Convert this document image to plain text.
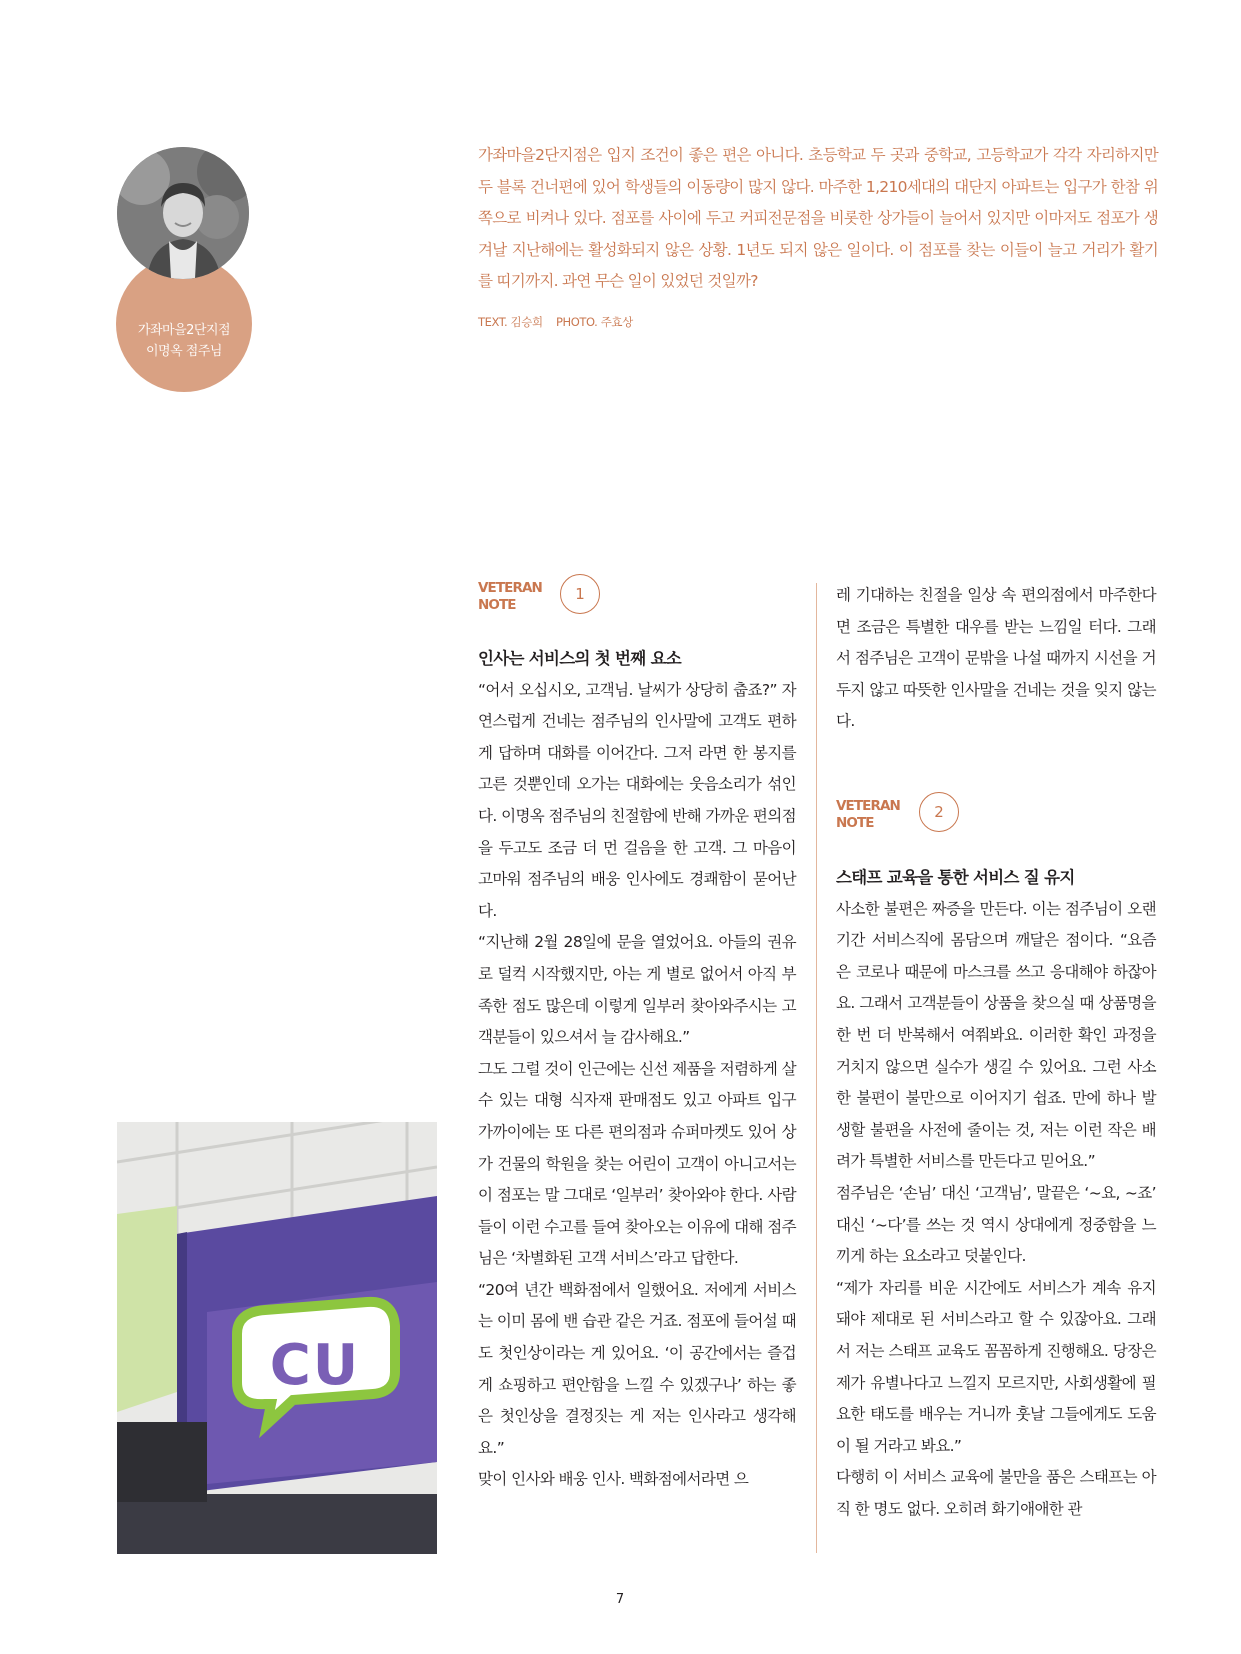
가좌마을2단지점
이명옥 점주님

가좌마을2단지점은 입지 조건이 좋은 편은 아니다. 초등학교 두 곳과 중학교, 고등학교가 각각 자리하지만 두 블록 건너편에 있어 학생들의 이동량이 많지 않다. 마주한 1,210세대의 대단지 아파트는 입구가 한참 위쪽으로 비켜나 있다. 점포를 사이에 두고 커피전문점을 비롯한 상가들이 늘어서 있지만 이마저도 점포가 생겨날 지난해에는 활성화되지 않은 상황. 1년도 되지 않은 일이다. 이 점포를 찾는 이들이 늘고 거리가 활기를 띠기까지. 과연 무슨 일이 있었던 것일까?

TEXT. 김승희 PHOTO. 주효상
VETERAN
NOTE
1

인사는 서비스의 첫 번째 요소

“어서 오십시오, 고객님. 날씨가 상당히 춥죠?” 자연스럽게 건네는 점주님의 인사말에 고객도 편하게 답하며 대화를 이어간다. 그저 라면 한 봉지를 고른 것뿐인데 오가는 대화에는 웃음소리가 섞인다. 이명옥 점주님의 친절함에 반해 가까운 편의점을 두고도 조금 더 먼 걸음을 한 고객. 그 마음이 고마워 점주님의 배웅 인사에도 경쾌함이 묻어난다.

“지난해 2월 28일에 문을 열었어요. 아들의 권유로 덜컥 시작했지만, 아는 게 별로 없어서 아직 부족한 점도 많은데 이렇게 일부러 찾아와주시는 고객분들이 있으셔서 늘 감사해요.”

그도 그럴 것이 인근에는 신선 제품을 저렴하게 살 수 있는 대형 식자재 판매점도 있고 아파트 입구 가까이에는 또 다른 편의점과 슈퍼마켓도 있어 상가 건물의 학원을 찾는 어린이 고객이 아니고서는 이 점포는 말 그대로 ‘일부러’ 찾아와야 한다. 사람들이 이런 수고를 들여 찾아오는 이유에 대해 점주님은 ‘차별화된 고객 서비스’라고 답한다.

“20여 년간 백화점에서 일했어요. 저에게 서비스는 이미 몸에 밴 습관 같은 거죠. 점포에 들어설 때도 첫인상이라는 게 있어요. ‘이 공간에서는 즐겁게 쇼핑하고 편안함을 느낄 수 있겠구나’ 하는 좋은 첫인상을 결정짓는 게 저는 인사라고 생각해요.”

맞이 인사와 배웅 인사. 백화점에서라면 으

레 기대하는 친절을 일상 속 편의점에서 마주한다면 조금은 특별한 대우를 받는 느낌일 터다. 그래서 점주님은 고객이 문밖을 나설 때까지 시선을 거두지 않고 따뜻한 인사말을 건네는 것을 잊지 않는다.

VETERAN
NOTE
2

스태프 교육을 통한 서비스 질 유지

사소한 불편은 짜증을 만든다. 이는 점주님이 오랜 기간 서비스직에 몸담으며 깨달은 점이다. “요즘은 코로나 때문에 마스크를 쓰고 응대해야 하잖아요. 그래서 고객분들이 상품을 찾으실 때 상품명을 한 번 더 반복해서 여쭤봐요. 이러한 확인 과정을 거치지 않으면 실수가 생길 수 있어요. 그런 사소한 불편이 불만으로 이어지기 쉽죠. 만에 하나 발생할 불편을 사전에 줄이는 것, 저는 이런 작은 배려가 특별한 서비스를 만든다고 믿어요.”

점주님은 ‘손님’ 대신 ‘고객님’, 말끝은 ‘~요, ~죠’ 대신 ‘~다’를 쓰는 것 역시 상대에게 정중함을 느끼게 하는 요소라고 덧붙인다.

“제가 자리를 비운 시간에도 서비스가 계속 유지돼야 제대로 된 서비스라고 할 수 있잖아요. 그래서 저는 스태프 교육도 꼼꼼하게 진행해요. 당장은 제가 유별나다고 느낄지 모르지만, 사회생활에 필요한 태도를 배우는 거니까 훗날 그들에게도 도움이 될 거라고 봐요.”

다행히 이 서비스 교육에 불만을 품은 스태프는 아직 한 명도 없다. 오히려 화기애애한 관

CU
7
